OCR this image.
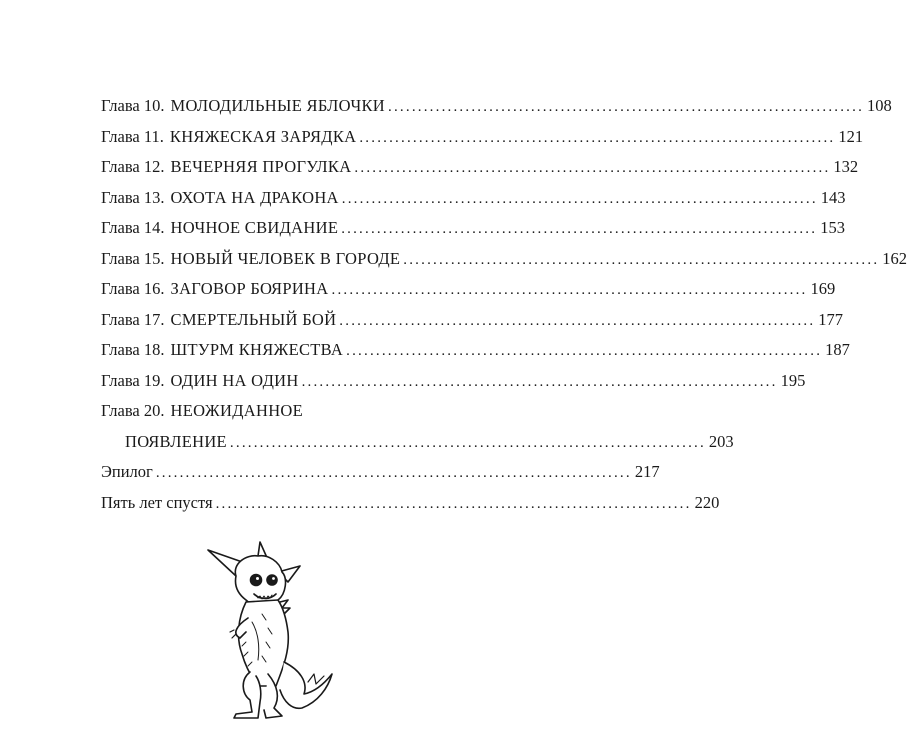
Глава 10. МОЛОДИЛЬНЫЕ ЯБЛОЧКИ ................................................................................ 108
Глава 11. КНЯЖЕСКАЯ ЗАРЯДКА ................................................................................ 121
Глава 12. ВЕЧЕРНЯЯ ПРОГУЛКА ................................................................................ 132
Глава 13. ОХОТА НА ДРАКОНА ................................................................................ 143
Глава 14. НОЧНОЕ СВИДАНИЕ ................................................................................ 153
Глава 15. НОВЫЙ ЧЕЛОВЕК В ГОРОДЕ ................................................................................ 162
Глава 16. ЗАГОВОР БОЯРИНА ................................................................................ 169
Глава 17. СМЕРТЕЛЬНЫЙ БОЙ ................................................................................ 177
Глава 18. ШТУРМ КНЯЖЕСТВА ................................................................................ 187
Глава 19. ОДИН НА ОДИН ................................................................................ 195
Глава 20. НЕОЖИДАННОЕ
ПОЯВЛЕНИЕ ................................................................................ 203
Эпилог ................................................................................ 217
Пять лет спустя ................................................................................ 220
